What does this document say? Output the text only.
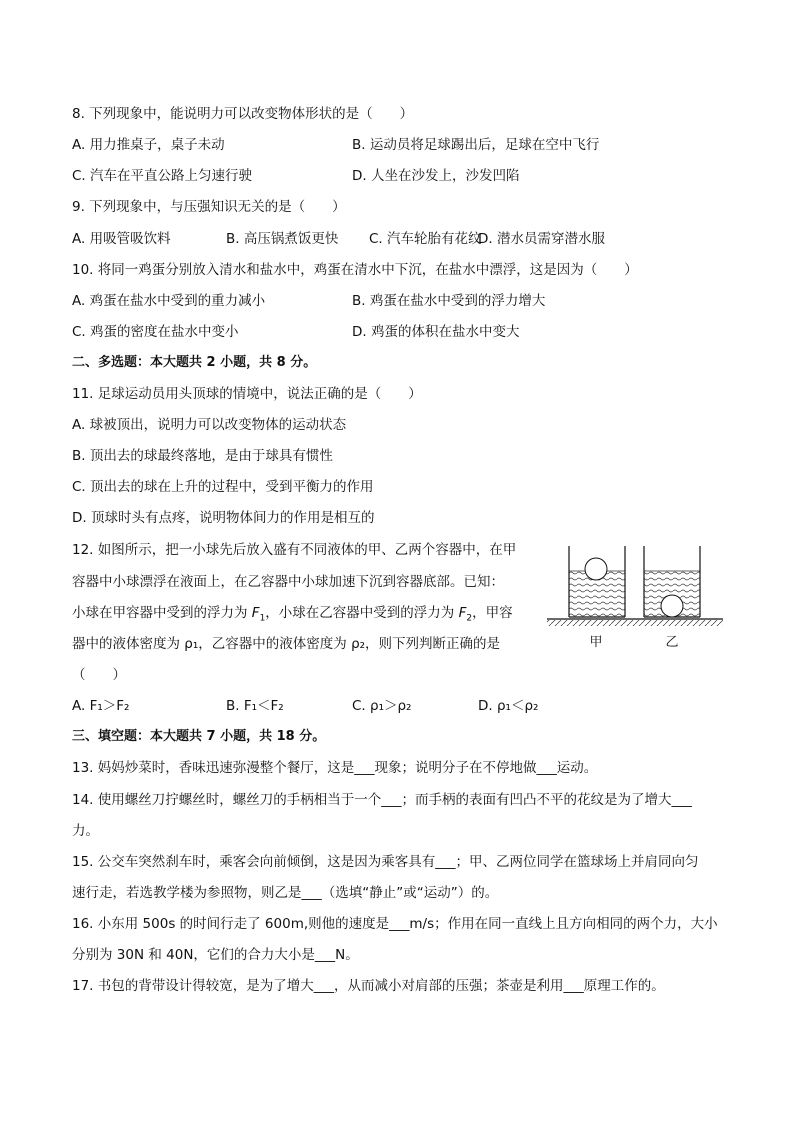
8. 下列现象中，能说明力可以改变物体形状的是（　　）
A. 用力推桌子，桌子未动	B. 运动员将足球踢出后，足球在空中飞行
C. 汽车在平直公路上匀速行驶	D. 人坐在沙发上，沙发凹陷
9. 下列现象中，与压强知识无关的是（　　）
A. 用吸管吸饮料	B. 高压锅煮饭更快 C. 汽车轮胎有花纹
D. 潜水员需穿潜水服
10. 将同一鸡蛋分别放入清水和盐水中，鸡蛋在清水中下沉，在盐水中漂浮，这是因为（　　）
A. 鸡蛋在盐水中受到的重力减小	B. 鸡蛋在盐水中受到的浮力增大
C. 鸡蛋的密度在盐水中变小	D. 鸡蛋的体积在盐水中变大
二、多选题：本大题共 2 小题，共 8 分。
11. 足球运动员用头顶球的情境中，说法正确的是（　　）
A. 球被顶出，说明力可以改变物体的运动状态
B. 顶出去的球最终落地，是由于球具有惯性
C. 顶出去的球在上升的过程中，受到平衡力的作用
D. 顶球时头有点疼，说明物体间力的作用是相互的
12. 如图所示，把一小球先后放入盛有不同液体的甲、乙两个容器中，在甲
容器中小球漂浮在液面上，在乙容器中小球加速下沉到容器底部。已知：
小球在甲容器中受到的浮力为 $F_1$，小球在乙容器中受到的浮力为 $F_2$，甲容
器中的液体密度为 ρ₁，乙容器中的液体密度为 ρ₂，则下列判断正确的是
（　　）
A. F₁＞F₂	B. F₁＜F₂	C. ρ₁＞ρ₂	D. ρ₁＜ρ₂
甲	乙
三、填空题：本大题共 7 小题，共 18 分。
13. 妈妈炒菜时，香味迅速弥漫整个餐厅，这是___现象；说明分子在不停地做___运动。
14. 使用螺丝刀拧螺丝时，螺丝刀的手柄相当于一个___；而手柄的表面有凹凸不平的花纹是为了增大___
力。
15. 公交车突然刹车时，乘客会向前倾倒，这是因为乘客具有___；甲、乙两位同学在篮球场上并肩同向匀
速行走，若选教学楼为参照物，则乙是___（选填“静止”或“运动”）的。
16. 小东用 500s 的时间行走了 600m,则他的速度是___m/s；作用在同一直线上且方向相同的两个力，大小
分别为 30N 和 40N，它们的合力大小是___N。
17. 书包的背带设计得较宽，是为了增大___，从而减小对肩部的压强；茶壶是利用___原理工作的。
